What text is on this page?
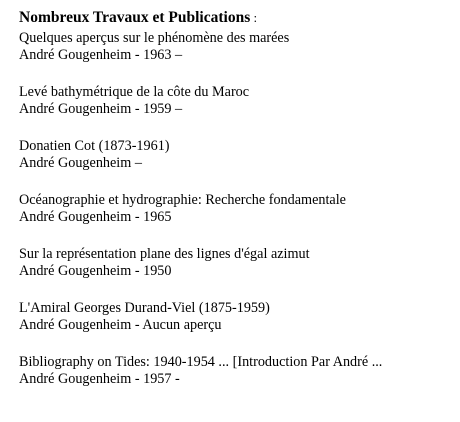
Nombreux Travaux et Publications :

Quelques aperçus sur le phénomène des marées
André Gougenheim - 1963 –
Levé bathymétrique de la côte du Maroc
André Gougenheim - 1959 –
Donatien Cot (1873-1961)
André Gougenheim –
Océanographie et hydrographie: Recherche fondamentale
André Gougenheim - 1965
Sur la représentation plane des lignes d'égal azimut
André Gougenheim - 1950
L'Amiral Georges Durand-Viel (1875-1959)
André Gougenheim - Aucun aperçu
Bibliography on Tides: 1940-1954 ... [Introduction Par André ...
André Gougenheim - 1957 -
